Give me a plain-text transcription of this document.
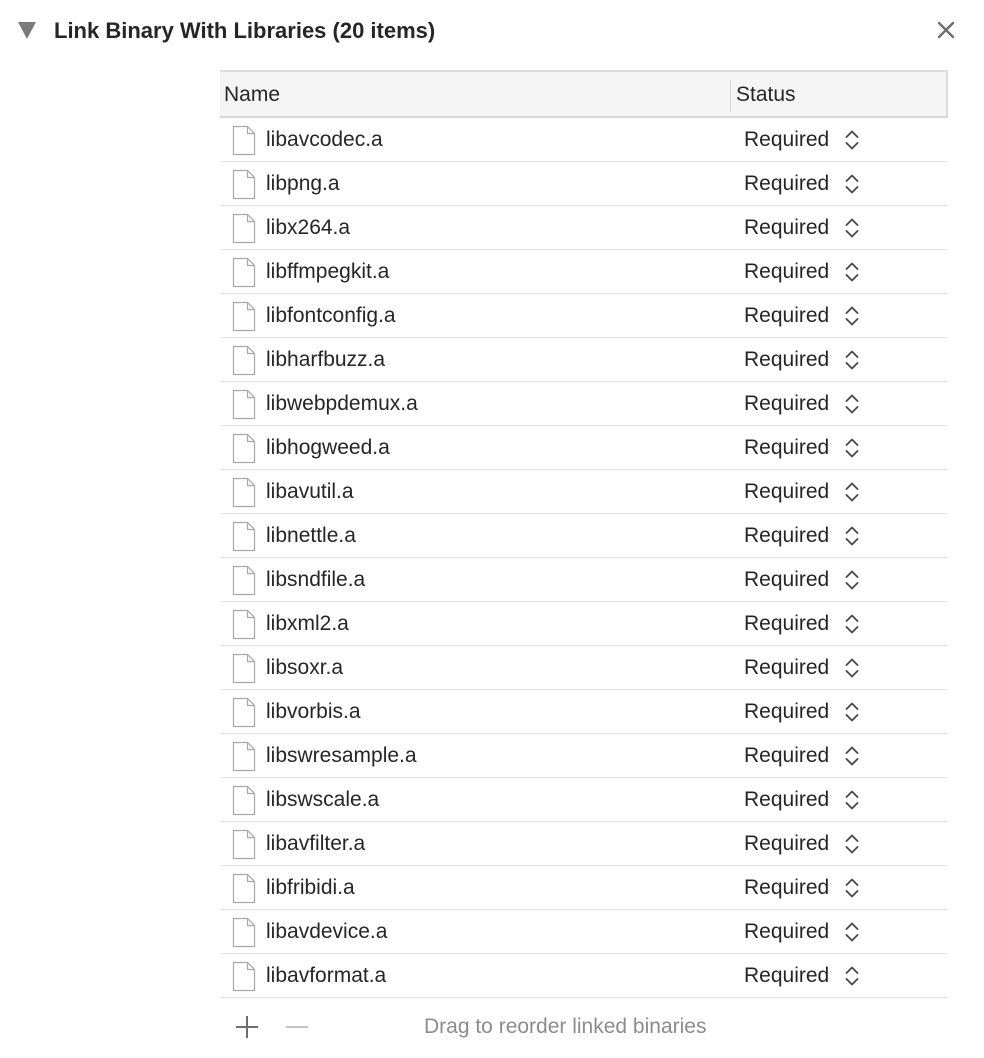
Link Binary With Libraries (20 items)
Name	Status
libavcodec.a	Required
libpng.a	Required
libx264.a	Required
libffmpegkit.a	Required
libfontconfig.a	Required
libharfbuzz.a	Required
libwebpdemux.a	Required
libhogweed.a	Required
libavutil.a	Required
libnettle.a	Required
libsndfile.a	Required
libxml2.a	Required
libsoxr.a	Required
libvorbis.a	Required
libswresample.a	Required
libswscale.a	Required
libavfilter.a	Required
libfribidi.a	Required
libavdevice.a	Required
libavformat.a	Required
Drag to reorder linked binaries
